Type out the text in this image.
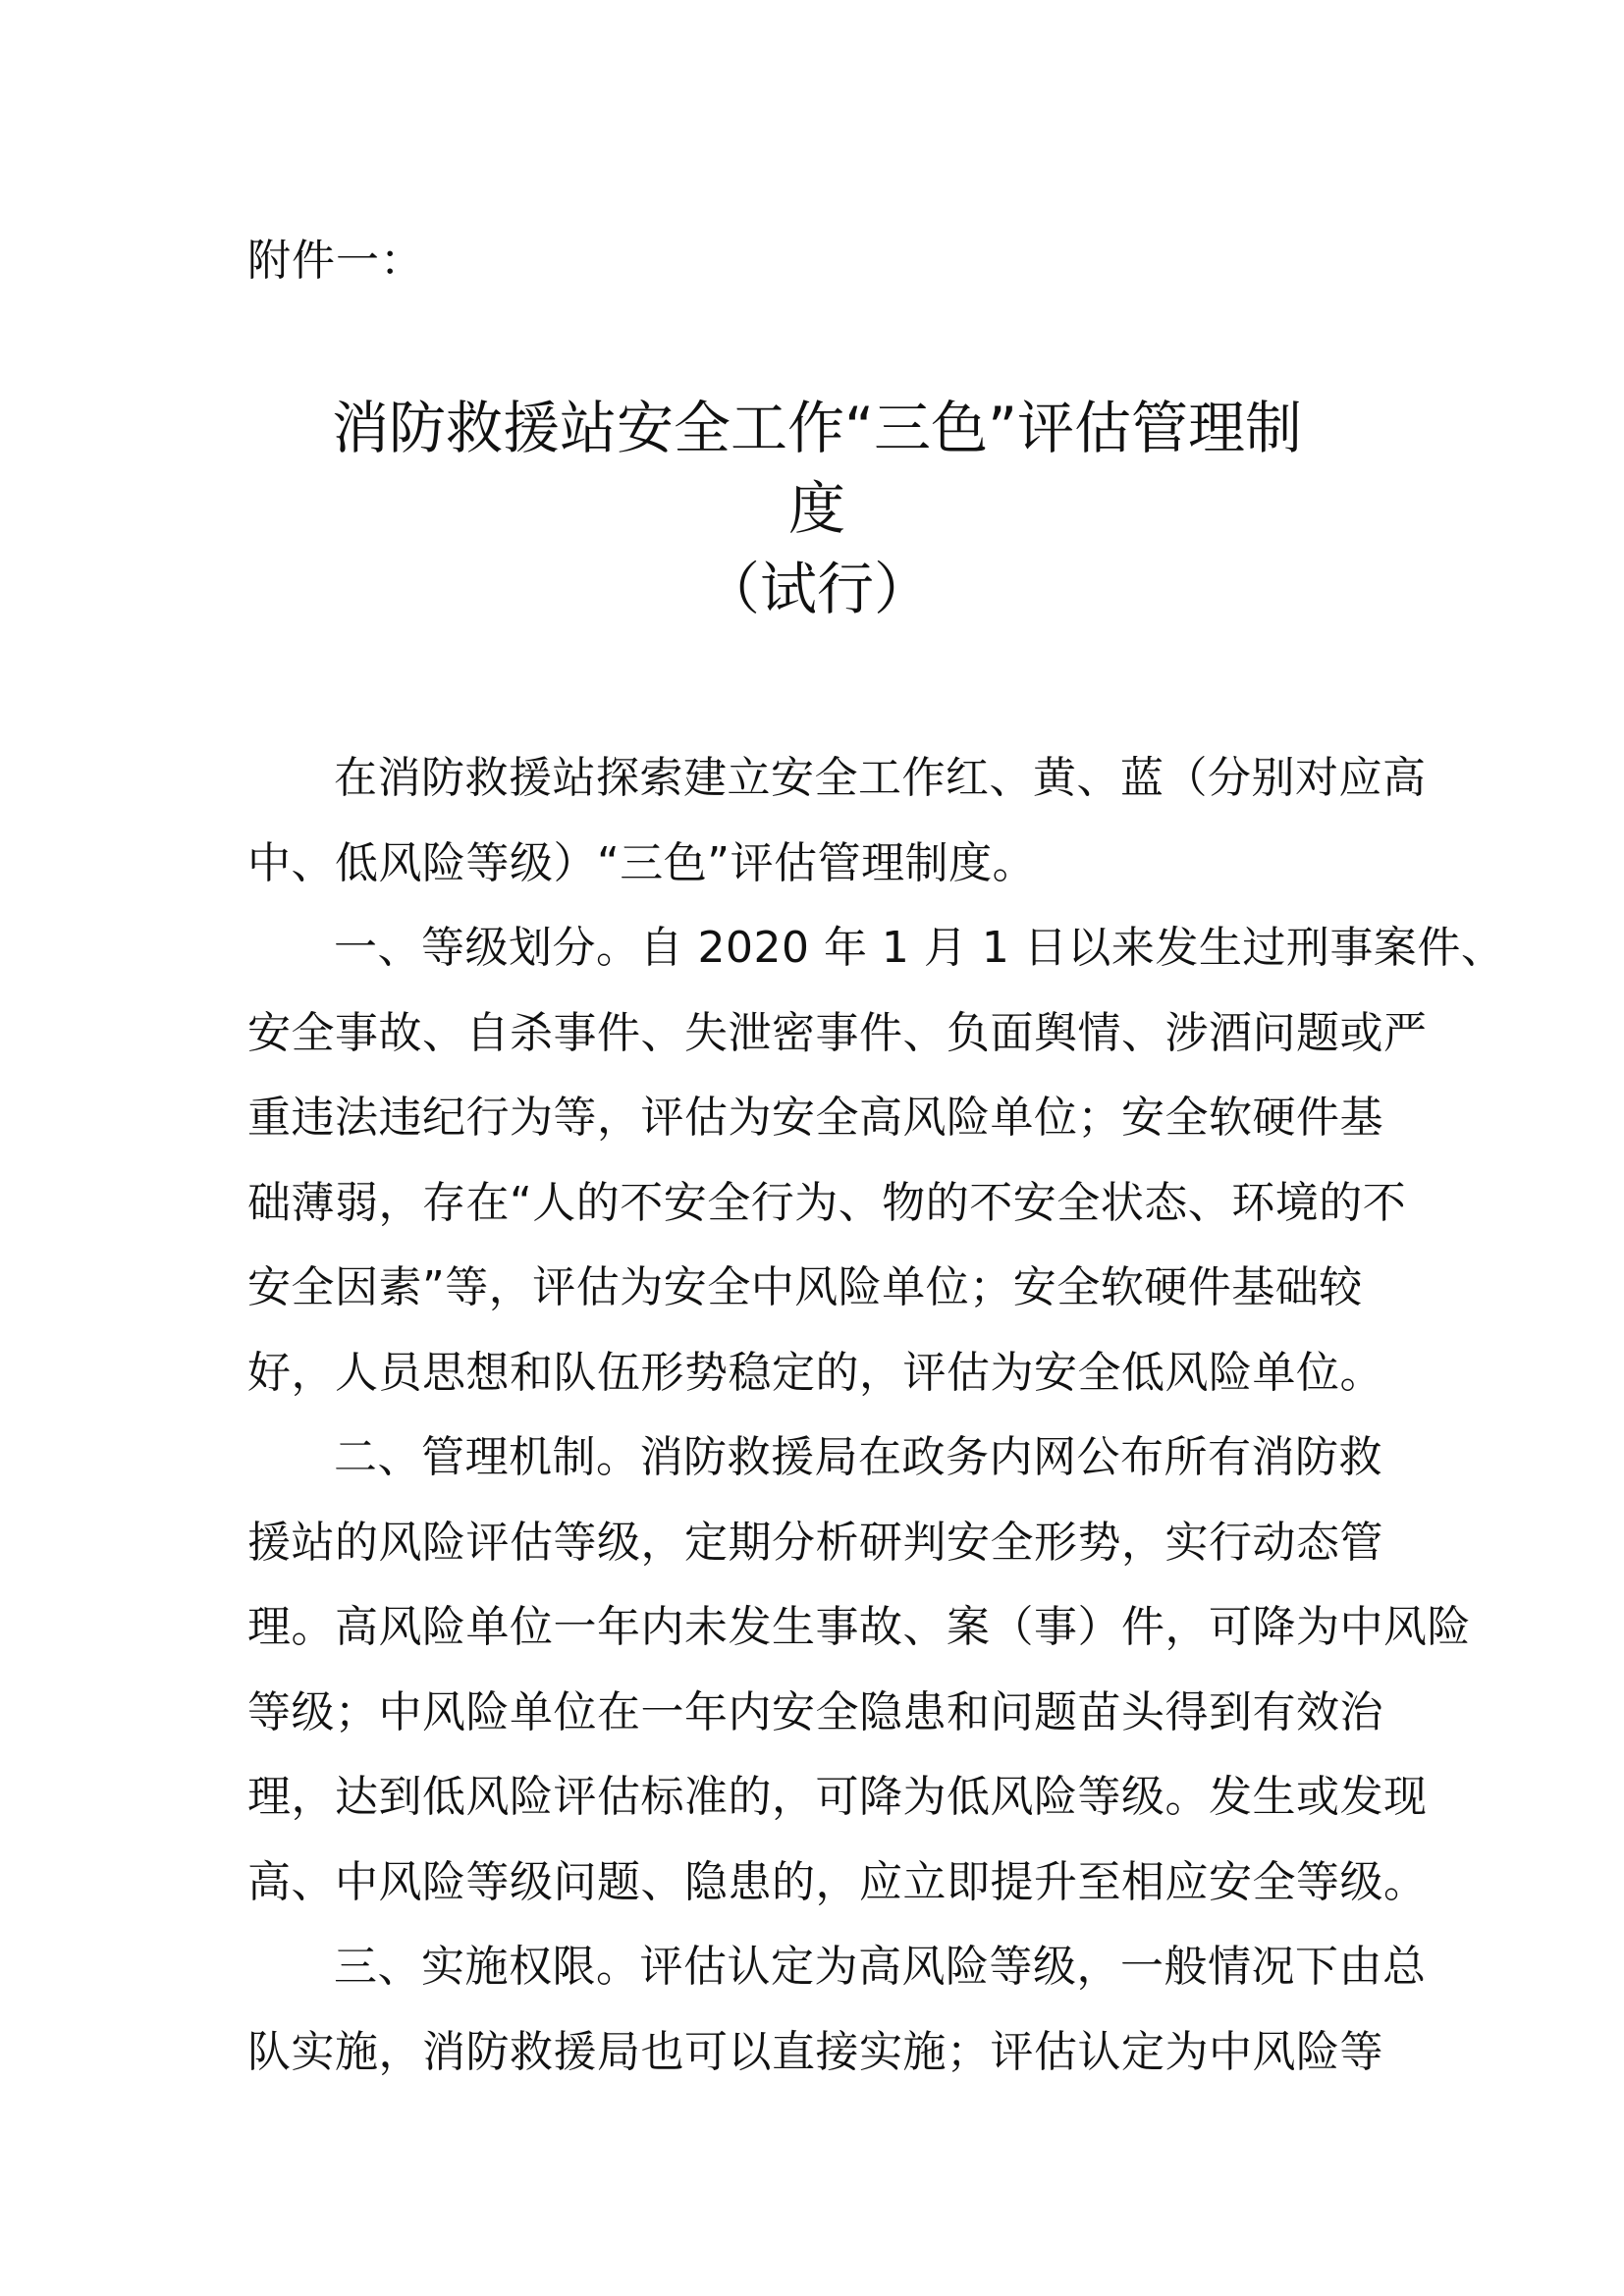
附件一：
消防救援站安全工作“三色”评估管理制
度
（试行）

在消防救援站探索建立安全工作红、黄、蓝（分别对应高
中、低风险等级）“三色”评估管理制度。

一、等级划分。自 2020 年 1 月 1 日以来发生过刑事案件、
安全事故、自杀事件、失泄密事件、负面舆情、涉酒问题或严
重违法违纪行为等，评估为安全高风险单位；安全软硬件基
础薄弱，存在“人的不安全行为、物的不安全状态、环境的不
安全因素”等，评估为安全中风险单位；安全软硬件基础较
好，人员思想和队伍形势稳定的，评估为安全低风险单位。

二、管理机制。消防救援局在政务内网公布所有消防救
援站的风险评估等级，定期分析研判安全形势，实行动态管
理。高风险单位一年内未发生事故、案（事）件，可降为中风险
等级；中风险单位在一年内安全隐患和问题苗头得到有效治
理，达到低风险评估标准的，可降为低风险等级。发生或发现
高、中风险等级问题、隐患的，应立即提升至相应安全等级。

三、实施权限。评估认定为高风险等级，一般情况下由总
队实施，消防救援局也可以直接实施；评估认定为中风险等
